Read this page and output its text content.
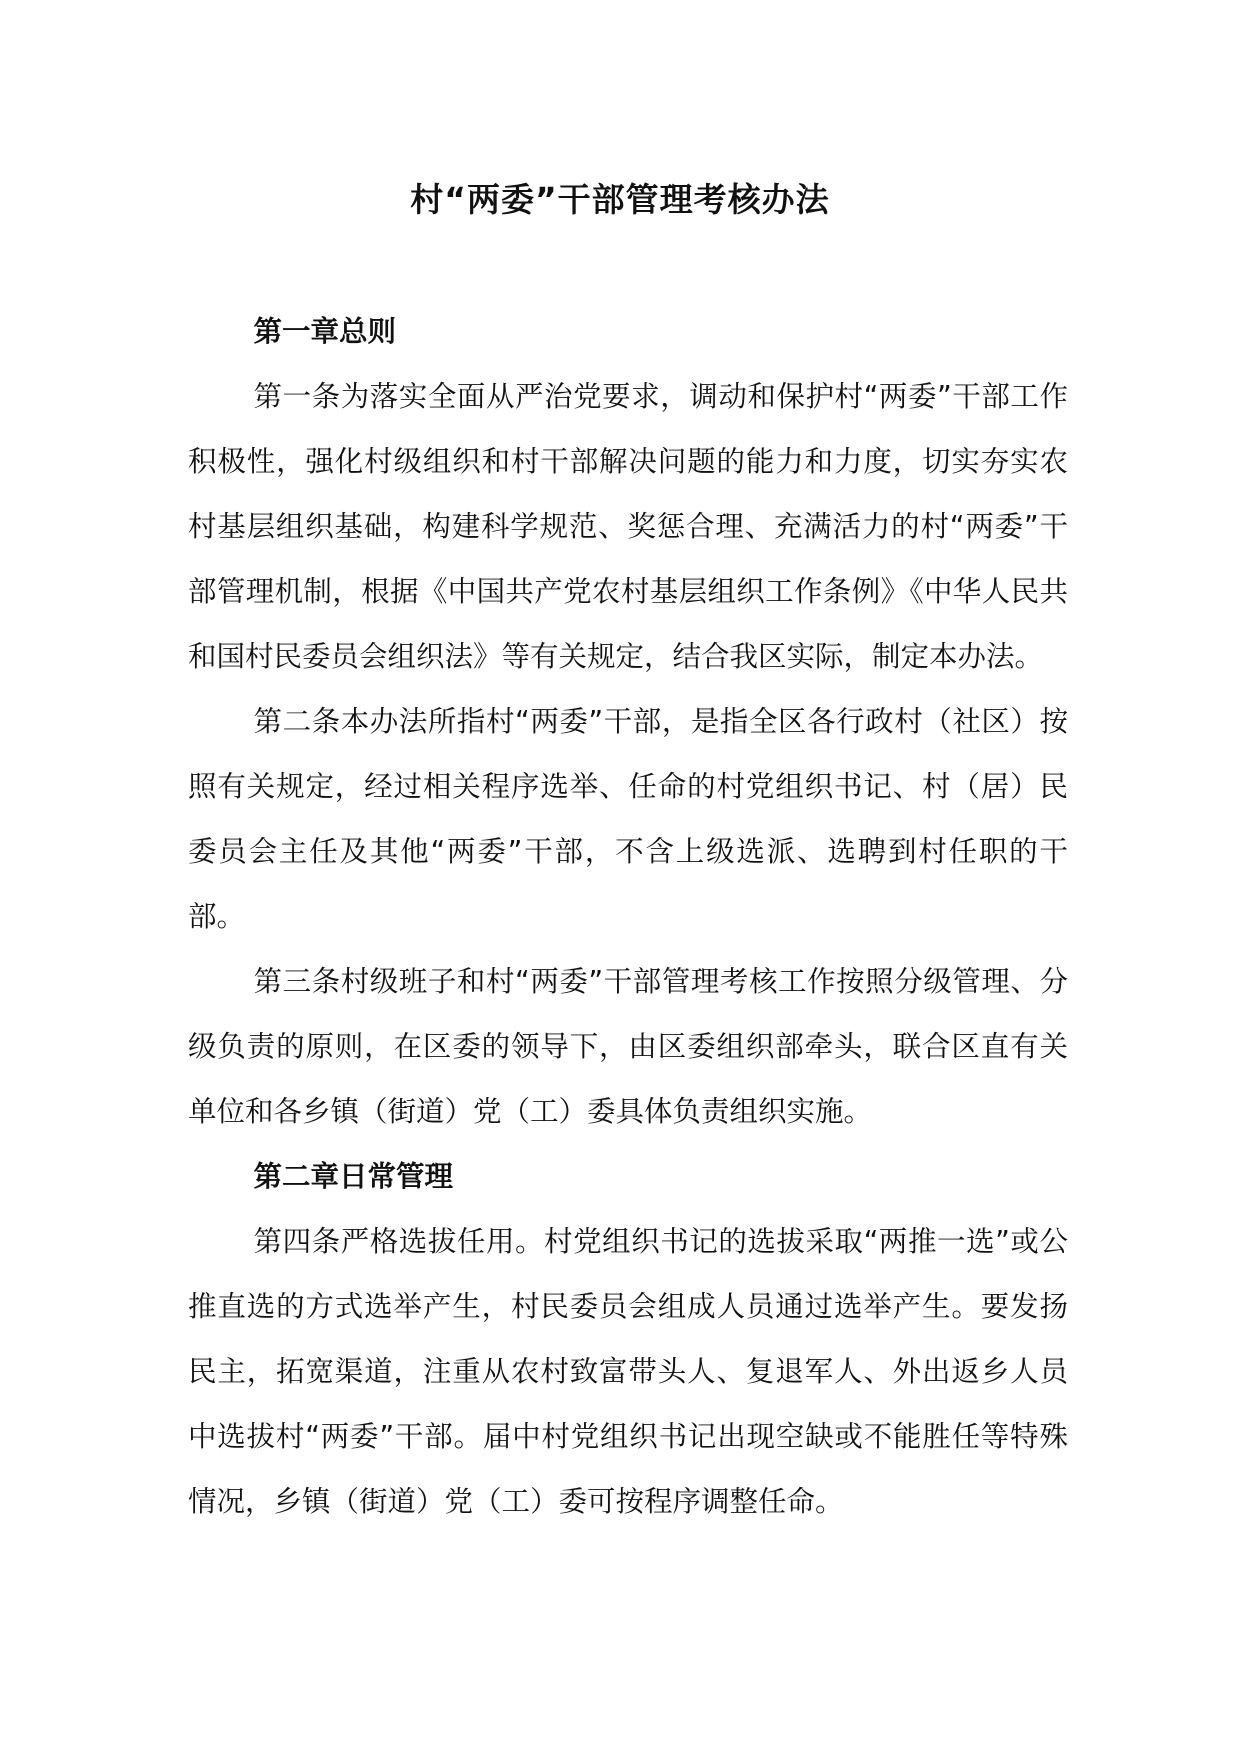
村“两委”干部管理考核办法
第一章总则

第一条为落实全面从严治党要求，调动和保护村“两委”干部工作积极性，强化村级组织和村干部解决问题的能力和力度，切实夯实农村基层组织基础，构建科学规范、奖惩合理、充满活力的村“两委”干部管理机制，根据《中国共产党农村基层组织工作条例》《中华人民共和国村民委员会组织法》等有关规定，结合我区实际，制定本办法。

第二条本办法所指村“两委”干部，是指全区各行政村（社区）按照有关规定，经过相关程序选举、任命的村党组织书记、村（居）民委员会主任及其他“两委”干部，不含上级选派、选聘到村任职的干部。

第三条村级班子和村“两委”干部管理考核工作按照分级管理、分级负责的原则，在区委的领导下，由区委组织部牵头，联合区直有关单位和各乡镇（街道）党（工）委具体负责组织实施。

第二章日常管理

第四条严格选拔任用。村党组织书记的选拔采取“两推一选”或公推直选的方式选举产生，村民委员会组成人员通过选举产生。要发扬民主，拓宽渠道，注重从农村致富带头人、复退军人、外出返乡人员中选拔村“两委”干部。届中村党组织书记出现空缺或不能胜任等特殊情况，乡镇（街道）党（工）委可按程序调整任命。
